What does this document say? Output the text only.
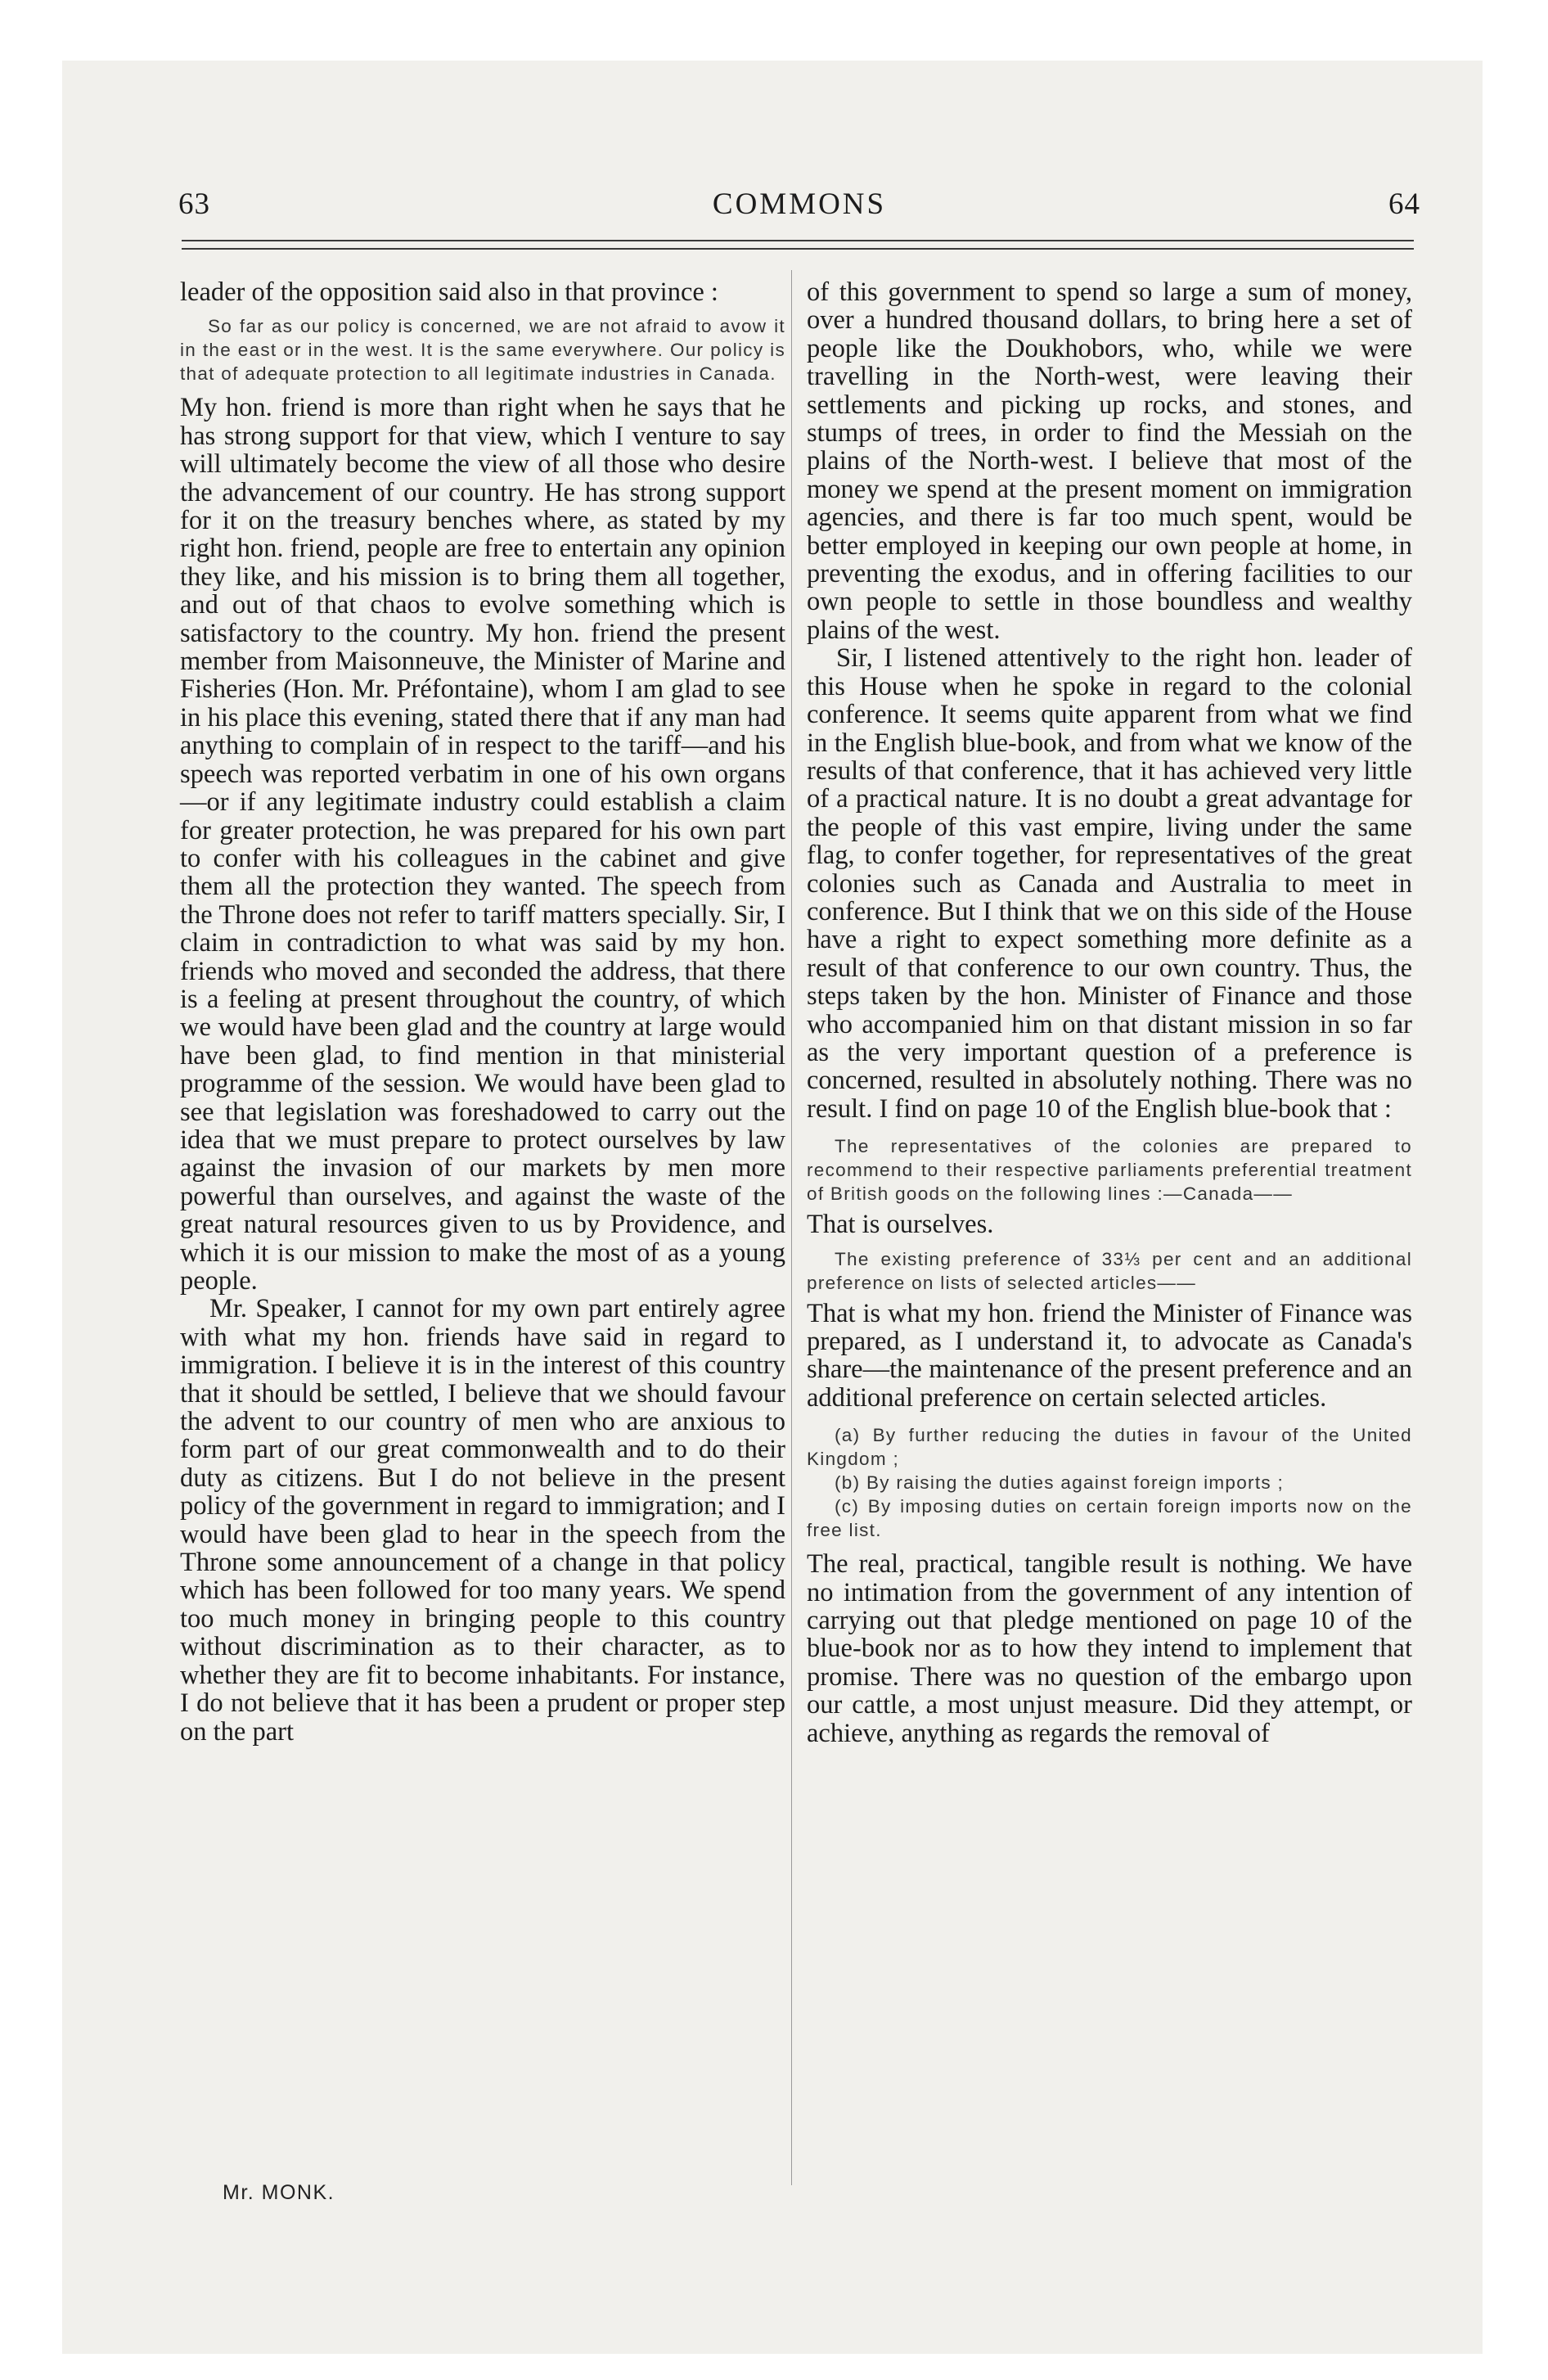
63	COMMONS	64

leader of the opposition said also in that province :

So far as our policy is concerned, we are not afraid to avow it in the east or in the west. It is the same everywhere. Our policy is that of adequate protection to all legitimate industries in Canada.

My hon. friend is more than right when he says that he has strong support for that view, which I venture to say will ultimately become the view of all those who desire the advancement of our country. He has strong support for it on the treasury benches where, as stated by my right hon. friend, people are free to entertain any opinion they like, and his mission is to bring them all together, and out of that chaos to evolve something which is satisfactory to the country. My hon. friend the present member from Maisonneuve, the Minister of Marine and Fisheries (Hon. Mr. Préfontaine), whom I am glad to see in his place this evening, stated there that if any man had anything to complain of in respect to the tariff—and his speech was reported verbatim in one of his own organs—or if any legitimate industry could establish a claim for greater protection, he was prepared for his own part to confer with his colleagues in the cabinet and give them all the protection they wanted. The speech from the Throne does not refer to tariff matters specially. Sir, I claim in contradiction to what was said by my hon. friends who moved and seconded the address, that there is a feeling at present throughout the country, of which we would have been glad and the country at large would have been glad, to find mention in that ministerial programme of the session. We would have been glad to see that legislation was foreshadowed to carry out the idea that we must prepare to protect ourselves by law against the invasion of our markets by men more powerful than ourselves, and against the waste of the great natural resources given to us by Providence, and which it is our mission to make the most of as a young people.

Mr. Speaker, I cannot for my own part entirely agree with what my hon. friends have said in regard to immigration. I believe it is in the interest of this country that it should be settled, I believe that we should favour the advent to our country of men who are anxious to form part of our great commonwealth and to do their duty as citizens. But I do not believe in the present policy of the government in regard to immigration; and I would have been glad to hear in the speech from the Throne some announcement of a change in that policy which has been followed for too many years. We spend too much money in bringing people to this country without discrimination as to their character, as to whether they are fit to become inhabitants. For instance, I do not believe that it has been a prudent or proper step on the part

of this government to spend so large a sum of money, over a hundred thousand dollars, to bring here a set of people like the Doukhobors, who, while we were travelling in the North-west, were leaving their settlements and picking up rocks, and stones, and stumps of trees, in order to find the Messiah on the plains of the North-west. I believe that most of the money we spend at the present moment on immigration agencies, and there is far too much spent, would be better employed in keeping our own people at home, in preventing the exodus, and in offering facilities to our own people to settle in those boundless and wealthy plains of the west.

Sir, I listened attentively to the right hon. leader of this House when he spoke in regard to the colonial conference. It seems quite apparent from what we find in the English blue-book, and from what we know of the results of that conference, that it has achieved very little of a practical nature. It is no doubt a great advantage for the people of this vast empire, living under the same flag, to confer together, for representatives of the great colonies such as Canada and Australia to meet in conference. But I think that we on this side of the House have a right to expect something more definite as a result of that conference to our own country. Thus, the steps taken by the hon. Minister of Finance and those who accompanied him on that distant mission in so far as the very important question of a preference is concerned, resulted in absolutely nothing. There was no result. I find on page 10 of the English blue-book that :

The representatives of the colonies are prepared to recommend to their respective parliaments preferential treatment of British goods on the following lines :—Canada——

That is ourselves.

The existing preference of 33⅓ per cent and an additional preference on lists of selected articles——

That is what my hon. friend the Minister of Finance was prepared, as I understand it, to advocate as Canada's share—the maintenance of the present preference and an additional preference on certain selected articles.

(a) By further reducing the duties in favour of the United Kingdom ;

(b) By raising the duties against foreign imports ;

(c) By imposing duties on certain foreign imports now on the free list.

The real, practical, tangible result is nothing. We have no intimation from the government of any intention of carrying out that pledge mentioned on page 10 of the blue-book nor as to how they intend to implement that promise. There was no question of the embargo upon our cattle, a most unjust measure. Did they attempt, or achieve, anything as regards the removal of

Mr. MONK.
